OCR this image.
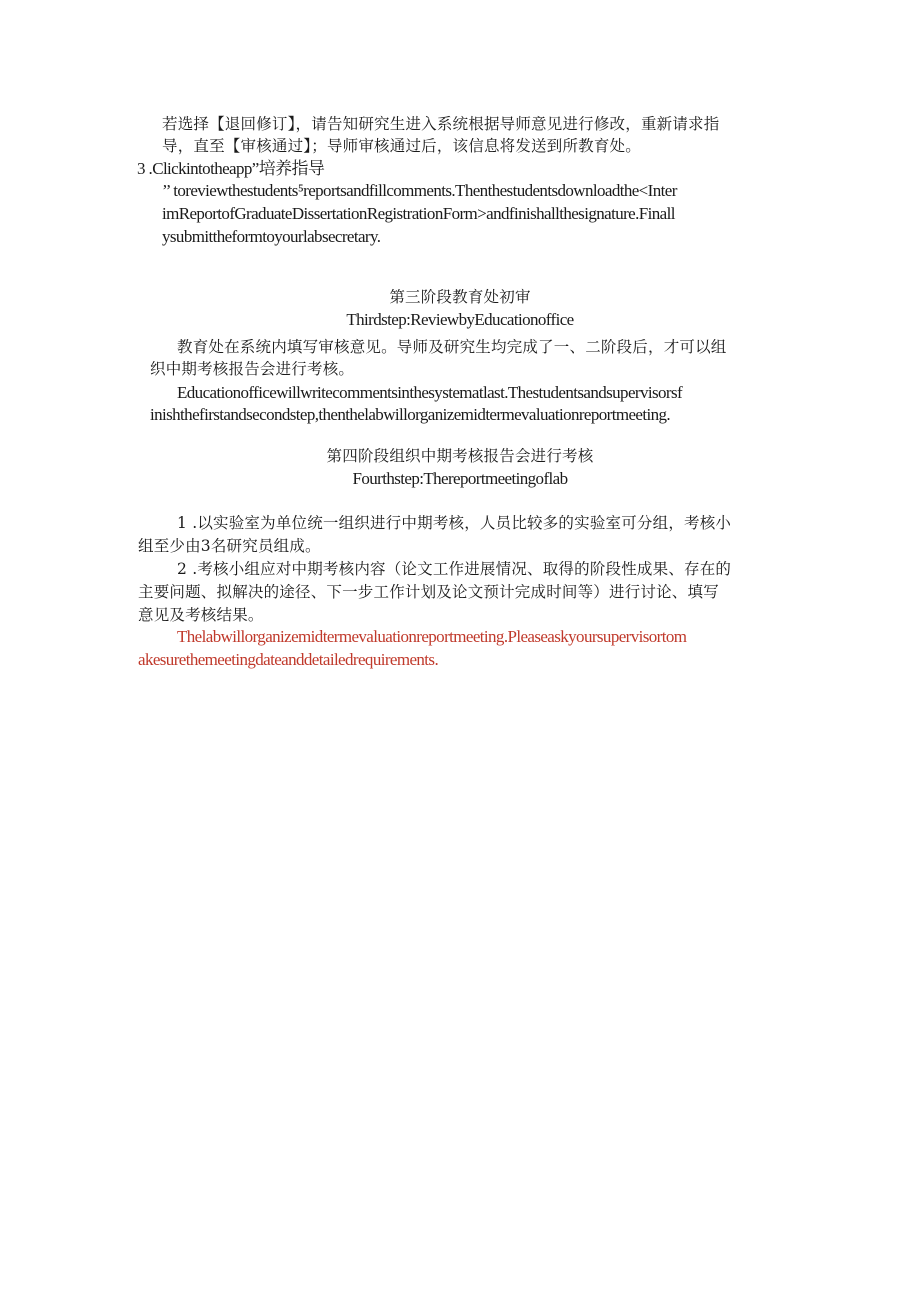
若选择【退回修订】，请告知研究生进入系统根据导师意见进行修改，重新请求指
导，直至【审核通过】；导师审核通过后，该信息将发送到所教育处。
3 .Clickintotheapp”培养指导
’’ toreviewthestudents⁵reportsandfillcomments.Thenthestudentsdownloadthe<Inter
imReportofGraduateDissertationRegistrationForm>andfinishallthesignature.Finall
ysubmittheformtoyourlabsecretary.
第三阶段教育处初审
Thirdstep:ReviewbyEducationoffice
教育处在系统内填写审核意见。导师及研究生均完成了一、二阶段后，才可以组
织中期考核报告会进行考核。
Educationofficewillwritecommentsinthesystematlast.Thestudentsandsupervisorsf
inishthefirstandsecondstep,thenthelabwillorganizemidtermevaluationreportmeeting.
第四阶段组织中期考核报告会进行考核
Fourthstep:Thereportmeetingoflab
1 .以实验室为单位统一组织进行中期考核，人员比较多的实验室可分组，考核小
组至少由3名研究员组成。
2 .考核小组应对中期考核内容（论文工作进展情况、取得的阶段性成果、存在的
主要问题、拟解决的途径、下一步工作计划及论文预计完成时间等）进行讨论、填写
意见及考核结果。
Thelabwillorganizemidtermevaluationreportmeeting.Pleaseaskyoursupervisortom
akesurethemeetingdateanddetailedrequirements.
